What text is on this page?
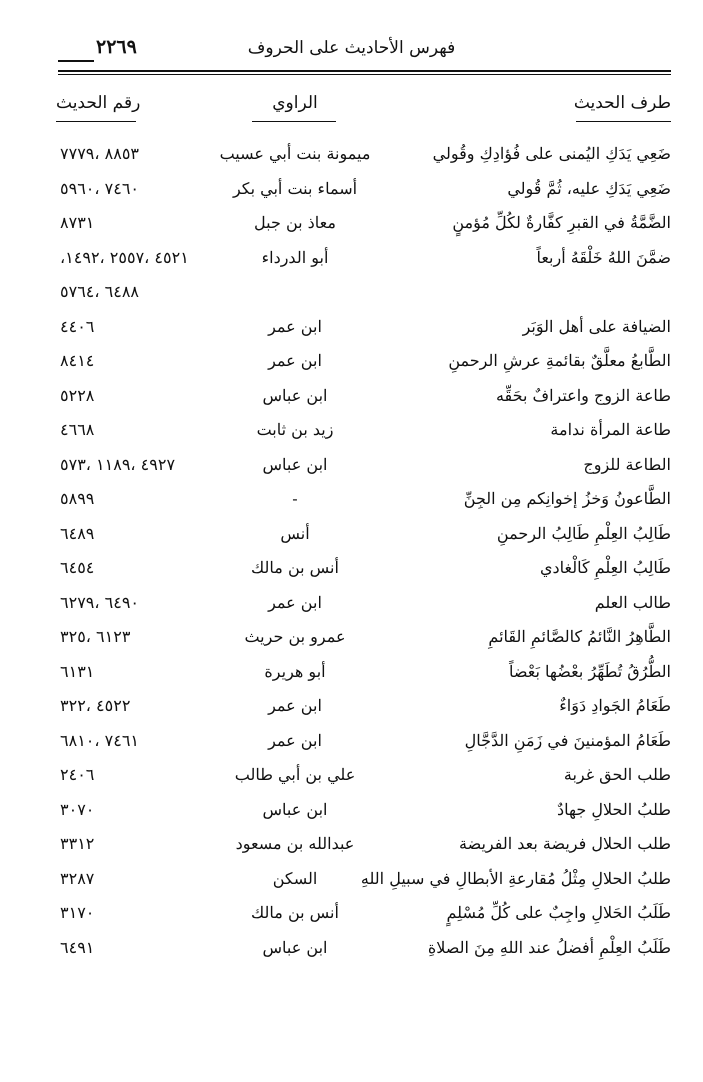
فهرس الأحاديث على الحروف
٢٢٦٩
طرف الحديث
الراوي
رقم الحديث
ضَعِي يَدَكِ اليُمنى على فُؤادِكِ وقُولي
ميمونة بنت أبي عسيب
٨٨٥٣ ،٧٧٧٩
ضَعِي يَدَكِ عليه، ثُمَّ قُولي
أسماء بنت أبي بكر
٧٤٦٠ ،٥٩٦٠
الضَّمَّةُ في القبرِ كفَّارةٌ لكُلِّ مُؤمنٍ
معاذ بن جبل
٨٧٣١
ضمَّنَ اللهُ خَلْقَهُ أربعاً
أبو الدرداء
٤٥٢١ ،٢٥٥٧ ،١٤٩٢،
٦٤٨٨ ،٥٧٦٤
الضيافة على أهل الوَبَر
ابن عمر
٤٤٠٦
الطَّابعُ معلَّقٌ بقائمةِ عرشِ الرحمنِ
ابن عمر
٨٤١٤
طاعة الزوج واعترافٌ بحَقِّه
ابن عباس
٥٢٢٨
طاعة المرأة ندامة
زيد بن ثابت
٤٦٦٨
الطاعة للزوج
ابن عباس
٤٩٢٧ ،١١٨٩ ،٥٧٣
الطَّاعونُ وَخزُ إخوانِكم مِن الجِنِّ
-
٥٨٩٩
طَالِبُ العِلْمِ طَالِبُ الرحمنِ
أنس
٦٤٨٩
طَالِبُ العِلْمِ كَالْغادي
أنس بن مالك
٦٤٥٤
طالب العلم
ابن عمر
٦٤٩٠ ،٦٢٧٩
الطَّاهِرُ النَّائمُ كالصَّائمِ القَائمِ
عمرو بن حريث
٦١٢٣ ،٣٢٥
الطُّرُقُ تُطَهِّرُ بعْضُها بَعْضاً
أبو هريرة
٦١٣١
طَعَامُ الجَوادِ دَوَاءٌ
ابن عمر
٤٥٢٢ ،٣٢٢
طَعَامُ المؤمنينَ في زَمَنِ الدَّجَّالِ
ابن عمر
٧٤٦١ ،٦٨١٠
طلب الحق غربة
علي بن أبي طالب
٢٤٠٦
طلبُ الحلالِ جهادٌ
ابن عباس
٣٠٧٠
طلب الحلال فريضة بعد الفريضة
عبدالله بن مسعود
٣٣١٢
طلبُ الحلالِ مِثْلُ مُقارعةِ الأبطالِ في سبيلِ اللهِ
السكن
٣٢٨٧
طَلَبُ الحَلالِ واجِبٌ على كُلِّ مُسْلِمٍ
أنس بن مالك
٣١٧٠
طَلَبُ العِلْمِ أفضلُ عند اللهِ مِنَ الصلاةِ
ابن عباس
٦٤٩١
